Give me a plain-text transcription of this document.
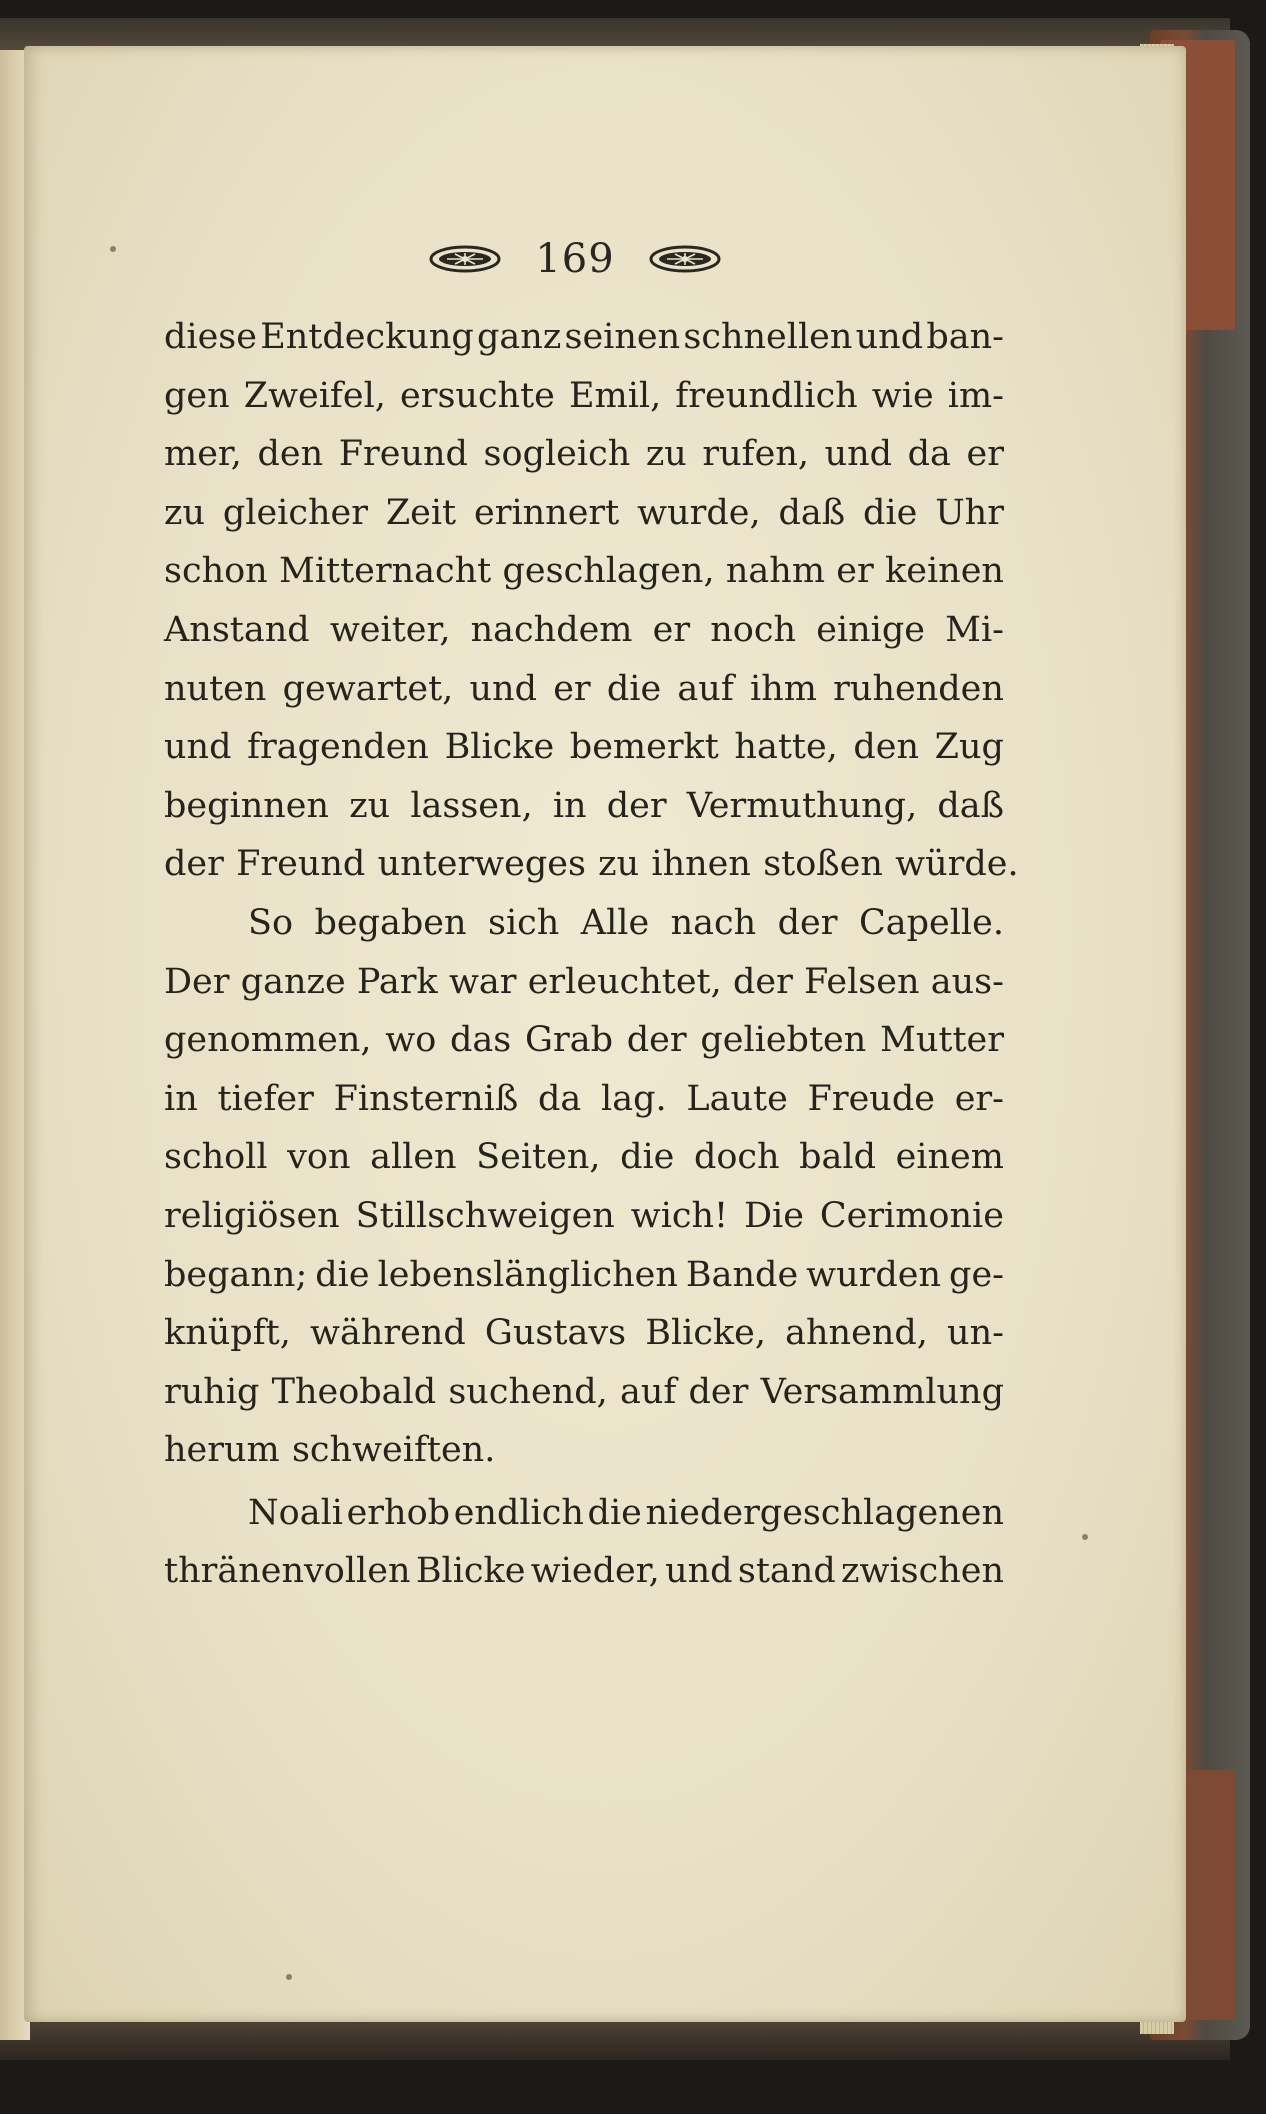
169
diese Entdeckung ganz seinen schnellen und ban-
gen Zweifel, ersuchte Emil, freundlich wie im-
mer, den Freund sogleich zu rufen, und da er
zu gleicher Zeit erinnert wurde, daß die Uhr
schon Mitternacht geschlagen, nahm er keinen
Anstand weiter, nachdem er noch einige Mi-
nuten gewartet, und er die auf ihm ruhenden
und fragenden Blicke bemerkt hatte, den Zug
beginnen zu lassen, in der Vermuthung, daß
der Freund unterweges zu ihnen stoßen würde.
So begaben sich Alle nach der Capelle.
Der ganze Park war erleuchtet, der Felsen aus-
genommen, wo das Grab der geliebten Mutter
in tiefer Finsterniß da lag. Laute Freude er-
scholl von allen Seiten, die doch bald einem
religiösen Stillschweigen wich! Die Cerimonie
begann; die lebenslänglichen Bande wurden ge-
knüpft, während Gustavs Blicke, ahnend, un-
ruhig Theobald suchend, auf der Versammlung
herum schweiften.
Noali erhob endlich die niedergeschlagenen
thränenvollen Blicke wieder, und stand zwischen
